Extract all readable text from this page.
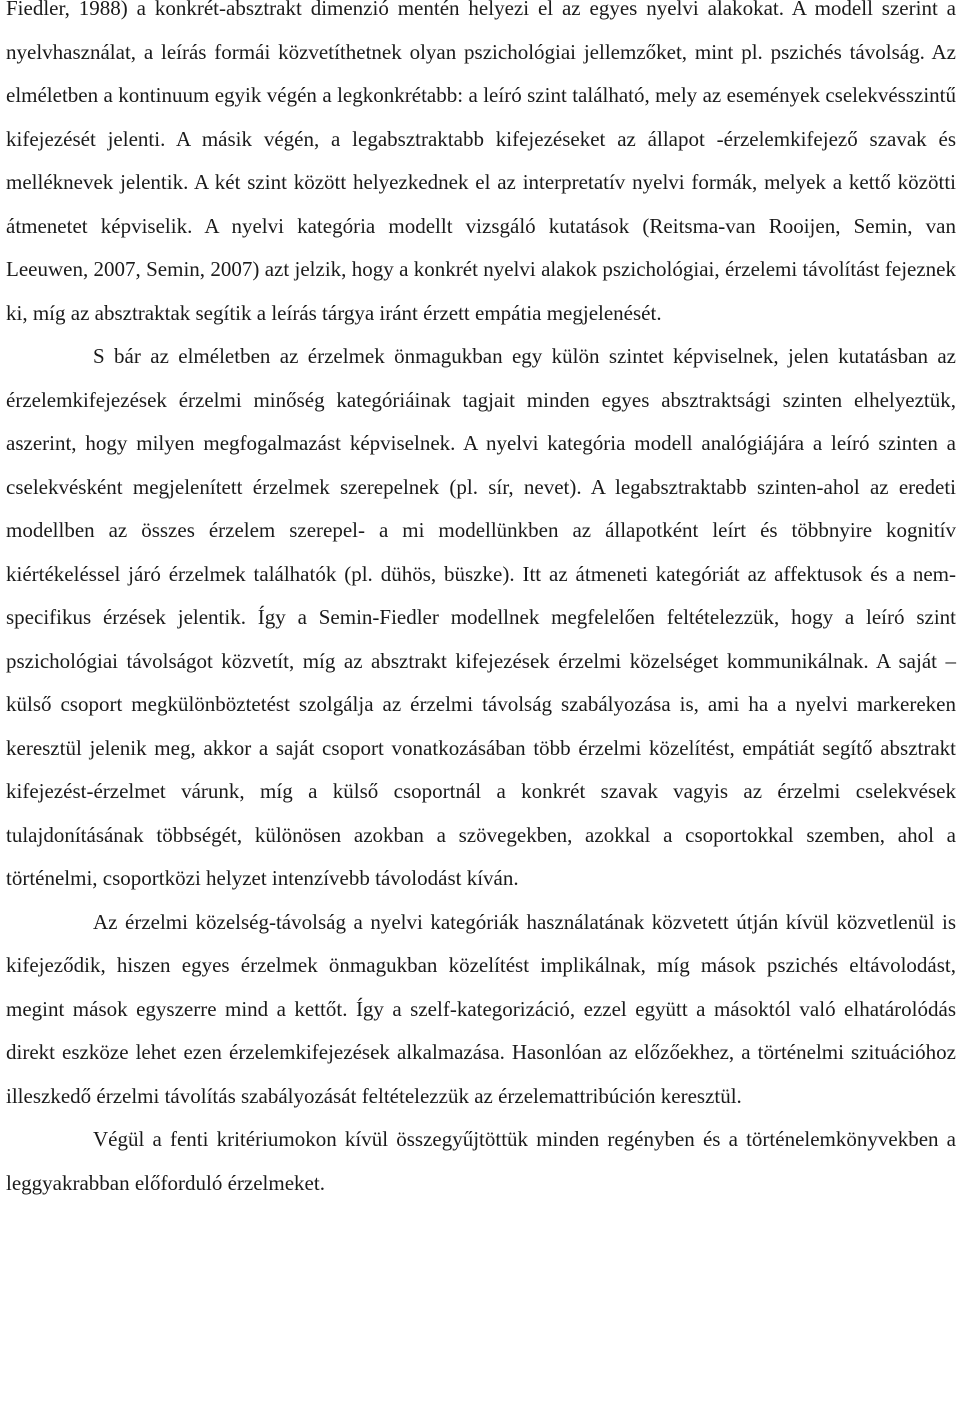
Fiedler, 1988) a konkrét-absztrakt dimenzió mentén helyezi el az egyes nyelvi alakokat. A modell szerint a nyelvhasználat, a leírás formái közvetíthetnek olyan pszichológiai jellemzőket, mint pl. pszichés távolság. Az elméletben a kontinuum egyik végén a legkonkrétabb: a leíró szint található, mely az események cselekvésszintű kifejezését jelenti. A másik végén, a legabsztraktabb kifejezéseket az állapot -érzelemkifejező szavak és melléknevek jelentik. A két szint között helyezkednek el az interpretatív nyelvi formák, melyek a kettő közötti átmenetet képviselik. A nyelvi kategória modellt vizsgáló kutatások (Reitsma-van Rooijen, Semin, van Leeuwen, 2007, Semin, 2007) azt jelzik, hogy a konkrét nyelvi alakok pszichológiai, érzelemi távolítást fejeznek ki, míg az absztraktak segítik a leírás tárgya iránt érzett empátia megjelenését.

S bár az elméletben az érzelmek önmagukban egy külön szintet képviselnek, jelen kutatásban az érzelemkifejezések érzelmi minőség kategóriáinak tagjait minden egyes absztraktsági szinten elhelyeztük, aszerint, hogy milyen megfogalmazást képviselnek. A nyelvi kategória modell analógiájára a leíró szinten a cselekvésként megjelenített érzelmek szerepelnek (pl. sír, nevet). A legabsztraktabb szinten-ahol az eredeti modellben az összes érzelem szerepel- a mi modellünkben az állapotként leírt és többnyire kognitív kiértékeléssel járó érzelmek találhatók (pl. dühös, büszke). Itt az átmeneti kategóriát az affektusok és a nem-specifikus érzések jelentik. Így a Semin-Fiedler modellnek megfelelően feltételezzük, hogy a leíró szint pszichológiai távolságot közvetít, míg az absztrakt kifejezések érzelmi közelséget kommunikálnak. A saját –külső csoport megkülönböztetést szolgálja az érzelmi távolság szabályozása is, ami ha a nyelvi markereken keresztül jelenik meg, akkor a saját csoport vonatkozásában több érzelmi közelítést, empátiát segítő absztrakt kifejezést-érzelmet várunk, míg a külső csoportnál a konkrét szavak vagyis az érzelmi cselekvések tulajdonításának többségét, különösen azokban a szövegekben, azokkal a csoportokkal szemben, ahol a történelmi, csoportközi helyzet intenzívebb távolodást kíván.

Az érzelmi közelség-távolság a nyelvi kategóriák használatának közvetett útján kívül közvetlenül is kifejeződik, hiszen egyes érzelmek önmagukban közelítést implikálnak, míg mások pszichés eltávolodást, megint mások egyszerre mind a kettőt. Így a szelf-kategorizáció, ezzel együtt a másoktól való elhatárolódás direkt eszköze lehet ezen érzelemkifejezések alkalmazása. Hasonlóan az előzőekhez, a történelmi szituációhoz illeszkedő érzelmi távolítás szabályozását feltételezzük az érzelemattribúción keresztül.

Végül a fenti kritériumokon kívül összegyűjtöttük minden regényben és a történelemkönyvekben a leggyakrabban előforduló érzelmeket.
